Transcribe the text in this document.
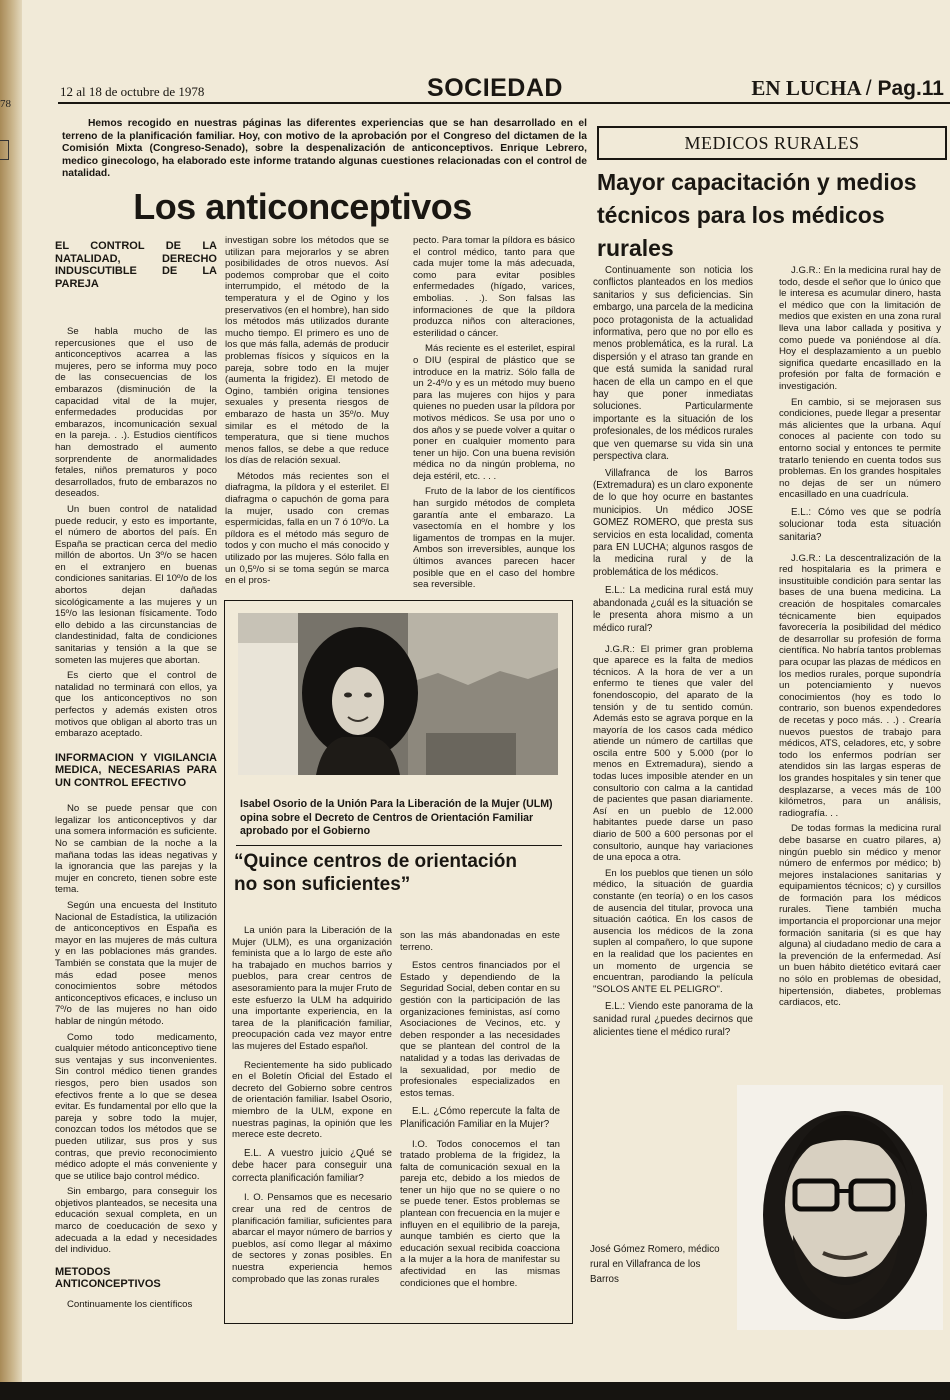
78
12 al 18 de octubre de 1978	SOCIEDAD	EN LUCHA / Pag.11
Hemos recogido en nuestras páginas las diferentes experiencias que se han desarrollado en el terreno de la planificación familiar. Hoy, con motivo de la aprobación por el Congreso del dictamen de la Comisión Mixta (Congreso-Senado), sobre la despenalización de anticonceptivos. Enrique Lebrero, medico ginecologo, ha elaborado este informe tratando algunas cuestiones relacionadas con el control de natalidad.
Los anticonceptivos
EL CONTROL DE LA NATALIDAD, DERECHO INDUSCUTIBLE DE LA PAREJA

Se habla mucho de las repercusiones que el uso de anticonceptivos acarrea a las mujeres, pero se informa muy poco de las consecuencias de los embarazos (disminución de la capacidad vital de la mujer, enfermedades producidas por embarazos, incomunicación sexual en la pareja. . .). Estudios científicos han demostrado el aumento sorprendente de anormalidades fetales, niños prematuros y poco desarrollados, fruto de embarazos no deseados.

Un buen control de natalidad puede reducir, y esto es importante, el número de abortos del país. En España se practican cerca del medio millón de abortos. Un 3º/o se hacen en el extranjero en buenas condiciones sanitarias. El 10º/o de los abortos dejan dañadas sicológicamente a las mujeres y un 15º/o las lesionan físicamente. Todo ello debido a las circunstancias de clandestinidad, falta de condiciones sanitarias y tensión a la que se someten las mujeres que abortan.

Es cierto que el control de natalidad no terminará con ellos, ya que los anticonceptivos no son perfectos y además existen otros motivos que obligan al aborto tras un embarazo aceptado.

INFORMACION Y VIGILANCIA MEDICA, NECESARIAS PARA UN CONTROL EFECTIVO

No se puede pensar que con legalizar los anticonceptivos y dar una somera información es suficiente. No se cambian de la noche a la mañana todas las ideas negativas y la ignorancia que las parejas y la mujer en concreto, tienen sobre este tema.

Según una encuesta del Instituto Nacional de Estadística, la utilización de anticonceptivos en España es mayor en las mujeres de más cultura y en las poblaciones más grandes. También se constata que la mujer de más edad posee menos conocimientos sobre métodos anticonceptivos eficaces, e incluso un 7º/o de las mujeres no han oido hablar de ningún método.

Como todo medicamento, cualquier método anticonceptivo tiene sus ventajas y sus inconvenientes. Sin control médico tienen grandes riesgos, pero bien usados son efectivos frente a lo que se desea evitar. Es fundamental por ello que la pareja y sobre todo la mujer, conozcan todos los métodos que se pueden utilizar, sus pros y sus contras, que previo reconocimiento médico adopte el más conveniente y que se utilice bajo control médico.

Sin embargo, para conseguir los objetivos planteados, se necesita una educación sexual completa, en un marco de coeducación de sexo y adecuada a la edad y necesidades del individuo.

METODOS ANTICONCEPTIVOS

Continuamente los científicos

investigan sobre los métodos que se utilizan para mejorarlos y se abren posibilidades de otros nuevos. Así podemos comprobar que el coito interrumpido, el método de la temperatura y el de Ogino y los preservativos (en el hombre), han sido los métodos más utilizados durante mucho tiempo. El primero es uno de los que más falla, además de producir problemas físicos y síquicos en la pareja, sobre todo en la mujer (aumenta la frigidez). El metodo de Ogino, también origina tensiones sexuales y presenta riesgos de embarazo de hasta un 35º/o. Muy similar es el método de la temperatura, que si tiene muchos menos fallos, se debe a que reduce los días de relación sexual.

Métodos más recientes son el diafragma, la píldora y el esterilet. El diafragma o capuchón de goma para la mujer, usado con cremas espermicidas, falla en un 7 ó 10º/o. La píldora es el método más seguro de todos y con mucho el más conocido y utilizado por las mujeres. Sólo falla en un 0,5º/o si se toma según se marca en el pros-

pecto. Para tomar la píldora es básico el control médico, tanto para que cada mujer tome la más adecuada, como para evitar posibles enfermedades (hígado, varices, embolias. . .). Son falsas las informaciones de que la píldora produzca niños con alteraciones, esterilidad o cáncer.

Más reciente es el esterilet, espiral o DIU (espiral de plástico que se introduce en la matriz. Sólo falla de un 2-4º/o y es un método muy bueno para las mujeres con hijos y para quienes no pueden usar la píldora por motivos médicos. Se usa por uno o dos años y se puede volver a quitar o poner en cualquier momento para tener un hijo. Con una buena revisión médica no da ningún problema, no deja estéril, etc. . . .

Fruto de la labor de los científicos han surgido métodos de completa garantía ante el embarazo. La vasectomía en el hombre y los ligamentos de trompas en la mujer. Ambos son irreversibles, aunque los últimos avances parecen hacer posible que en el caso del hombre sea reversible.

Isabel Osorio de la Unión Para la Liberación de la Mujer (ULM) opina sobre el Decreto de Centros de Orientación Familiar aprobado por el Gobierno
“Quince centros de orientación no son suficientes”

La unión para la Liberación de la Mujer (ULM), es una organización feminista que a lo largo de este año ha trabajado en muchos barrios y pueblos, para crear centros de asesoramiento para la mujer Fruto de este esfuerzo la ULM ha adquirido una importante experiencia, en la tarea de la planificación familiar, preocupación cada vez mayor entre las mujeres del Estado español.

Recientemente ha sido publicado en el Boletín Oficial del Estado el decreto del Gobierno sobre centros de orientación familiar. Isabel Osorio, miembro de la ULM, expone en nuestras paginas, la opinión que les merece este decreto.

E.L. A vuestro juicio ¿Qué se debe hacer para conseguir una correcta planificación familiar?

I. O. Pensamos que es necesario crear una red de centros de planificación familiar, suficientes para abarcar el mayor número de barrios y pueblos, así como llegar al máximo de sectores y zonas posibles. En nuestra experiencia hemos comprobado que las zonas rurales

son las más abandonadas en este terreno.

Estos centros financiados por el Estado y dependiendo de la Seguridad Social, deben contar en su gestión con la participación de las organizaciones feministas, así como Asociaciones de Vecinos, etc. y deben responder a las necesidades que se plantean del control de la natalidad y a todas las derivadas de la sexualidad, por medio de profesionales especializados en estos temas.

E.L. ¿Cómo repercute la falta de Planificación Familiar en la Mujer?

I.O. Todos conocemos el tan tratado problema de la frigidez, la falta de comunicación sexual en la pareja etc, debido a los miedos de tener un hijo que no se quiere o no se puede tener. Estos problemas se plantean con frecuencia en la mujer e influyen en el equilibrio de la pareja, aunque también es cierto que la educación sexual recibida coacciona a la mujer a la hora de manifestar su afectividad en las mismas condiciones que el hombre.

MEDICOS RURALES
Mayor capacitación y medios técnicos para los médicos rurales

Continuamente son noticia los conflictos planteados en los medios sanitarios y sus deficiencias. Sin embargo, una parcela de la medicina poco protagonista de la actualidad informativa, pero que no por ello es menos problemática, es la rural. La dispersión y el atraso tan grande en que está sumida la sanidad rural hacen de ella un campo en el que hay que poner inmediatas soluciones. Particularmente importante es la situación de los profesionales, de los médicos rurales que ven quemarse su vida sin una perspectiva clara.

Villafranca de los Barros (Extremadura) es un claro exponente de lo que hoy ocurre en bastantes municipios. Un médico JOSE GOMEZ ROMERO, que presta sus servicios en esta localidad, comenta para EN LUCHA; algunos rasgos de la medicina rural y de la problemática de los médicos.

E.L.: La medicina rural está muy abandonada ¿cuál es la situación se le presenta ahora mismo a un médico rural?

J.G.R.: El primer gran problema que aparece es la falta de medios técnicos. A la hora de ver a un enfermo te tienes que valer del fonendoscopio, del aparato de la tensión y de tu sentido común. Además esto se agrava porque en la mayoría de los casos cada médico atiende un número de cartillas que oscila entre 500 y 5.000 (por lo menos en Extremadura), siendo a todas luces imposible atender en un consultorio con calma a la cantidad de pacientes que pasan diariamente. Así en un pueblo de 12.000 habitantes puede darse un paso diario de 500 a 600 personas por el consultorio, aunque hay variaciones de una epoca a otra.

En los pueblos que tienen un sólo médico, la situación de guardia constante (en teoría) o en los casos de ausencia del titular, provoca una situación caótica. En los casos de ausencia los médicos de la zona suplen al compañero, lo que supone en la realidad que los pacientes en un momento de urgencia se encuentran, parodiando la película "SOLOS ANTE EL PELIGRO".

E.L.: Viendo este panorama de la sanidad rural ¿puedes decirnos que alicientes tiene el médico rural?

J.G.R.: En la medicina rural hay de todo, desde el señor que lo único que le interesa es acumular dinero, hasta el médico que con la limitación de medios que existen en una zona rural lleva una labor callada y positiva y como puede va poniéndose al día. Hoy el desplazamiento a un pueblo significa quedarte encasillado en la profesión por falta de formación e investigación.

En cambio, si se mejorasen sus condiciones, puede llegar a presentar más alicientes que la urbana. Aquí conoces al paciente con todo su entorno social y entonces te permite tratarlo teniendo en cuenta todos sus problemas. En los grandes hospitales no dejas de ser un número encasillado en una cuadrícula.

E.L.: Cómo ves que se podría solucionar toda esta situación sanitaria?

J.G.R.: La descentralización de la red hospitalaria es la primera e insustituible condición para sentar las bases de una buena medicina. La creación de hospitales comarcales técnicamente bien equipados favorecería la posibilidad del médico de desarrollar su profesión de forma científica. No habría tantos problemas para ocupar las plazas de médicos en los medios rurales, porque supondría un potenciamiento y nuevos conocimientos (hoy es todo lo contrario, son buenos expendedores de recetas y poco más. . .) . Crearía nuevos puestos de trabajo para médicos, ATS, celadores, etc, y sobre todo los enfermos podrían ser atendidos sin las largas esperas de los grandes hospitales y sin tener que desplazarse, a veces más de 100 kilómetros, para un análisis, radiografía. . .

De todas formas la medicina rural debe basarse en cuatro pilares, a) ningún pueblo sin médico y menor número de enfermos por médico; b) mejores instalaciones sanitarias y equipamientos técnicos; c) y cursillos de formación para los médicos rurales. Tiene también mucha importancia el proporcionar una mejor formación sanitaria (si es que hay alguna) al ciudadano medio de cara a la prevención de la enfermedad. Así un buen hábito dietético evitará caer no sólo en problemas de obesidad, hipertensión, diabetes, problemas cardiacos, etc.

José Gómez Romero, médico rural en Villafranca de los Barros
